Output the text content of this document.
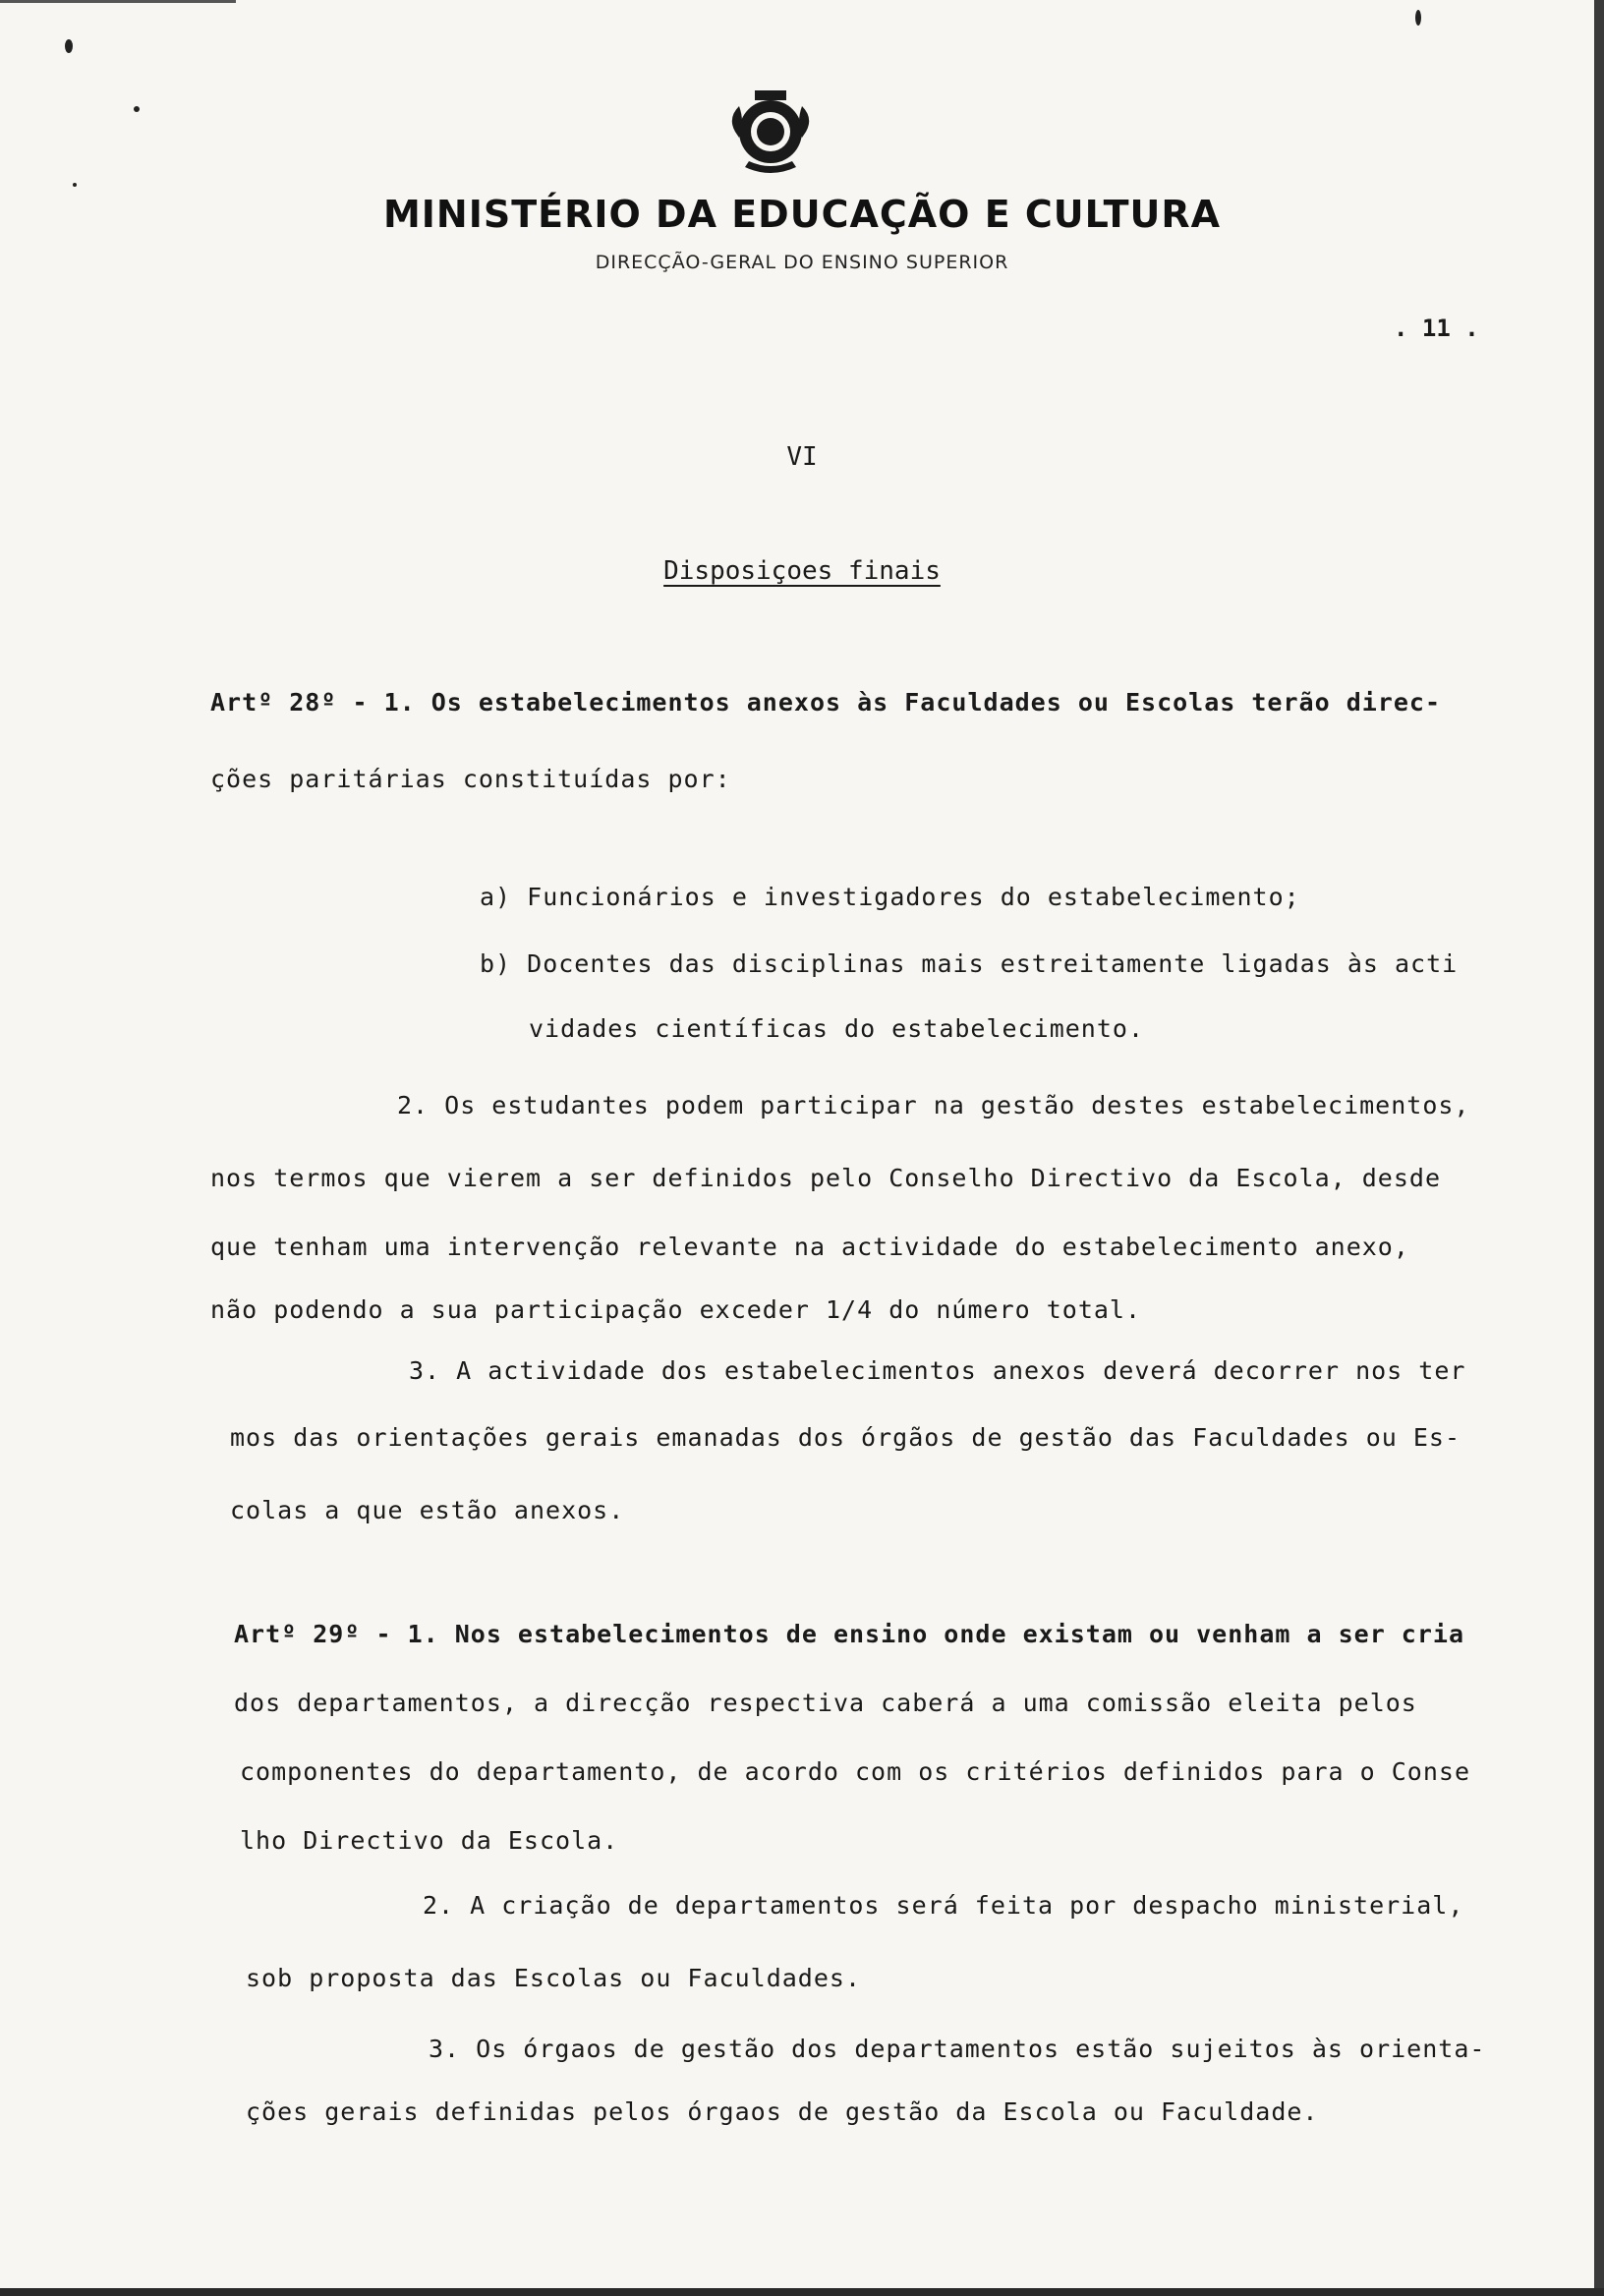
MINISTÉRIO DA EDUCAÇÃO E CULTURA
DIRECÇÃO-GERAL DO ENSINO SUPERIOR
. 11 .
VI
Disposiçoes finais
Artº 28º - 1. Os estabelecimentos anexos às Faculdades ou Escolas terão direc-
ções paritárias constituídas por:
a) Funcionários e investigadores do estabelecimento;
b) Docentes das disciplinas mais estreitamente ligadas às acti
vidades científicas do estabelecimento.
2. Os estudantes podem participar na gestão destes estabelecimentos,
nos termos que vierem a ser definidos pelo Conselho Directivo da Escola, desde
que tenham uma intervenção relevante na actividade do estabelecimento anexo,
não podendo a sua participação exceder 1/4 do número total.
3. A actividade dos estabelecimentos anexos deverá decorrer nos ter
mos das orientações gerais emanadas dos órgãos de gestão das Faculdades ou Es-
colas a que estão anexos.
Artº 29º - 1. Nos estabelecimentos de ensino onde existam ou venham a ser cria
dos departamentos, a direcção respectiva caberá a uma comissão eleita pelos
componentes do departamento, de acordo com os critérios definidos para o Conse
lho Directivo da Escola.
2. A criação de departamentos será feita por despacho ministerial,
sob proposta das Escolas ou Faculdades.
3. Os órgaos de gestão dos departamentos estão sujeitos às orienta-
ções gerais definidas pelos órgaos de gestão da Escola ou Faculdade.
